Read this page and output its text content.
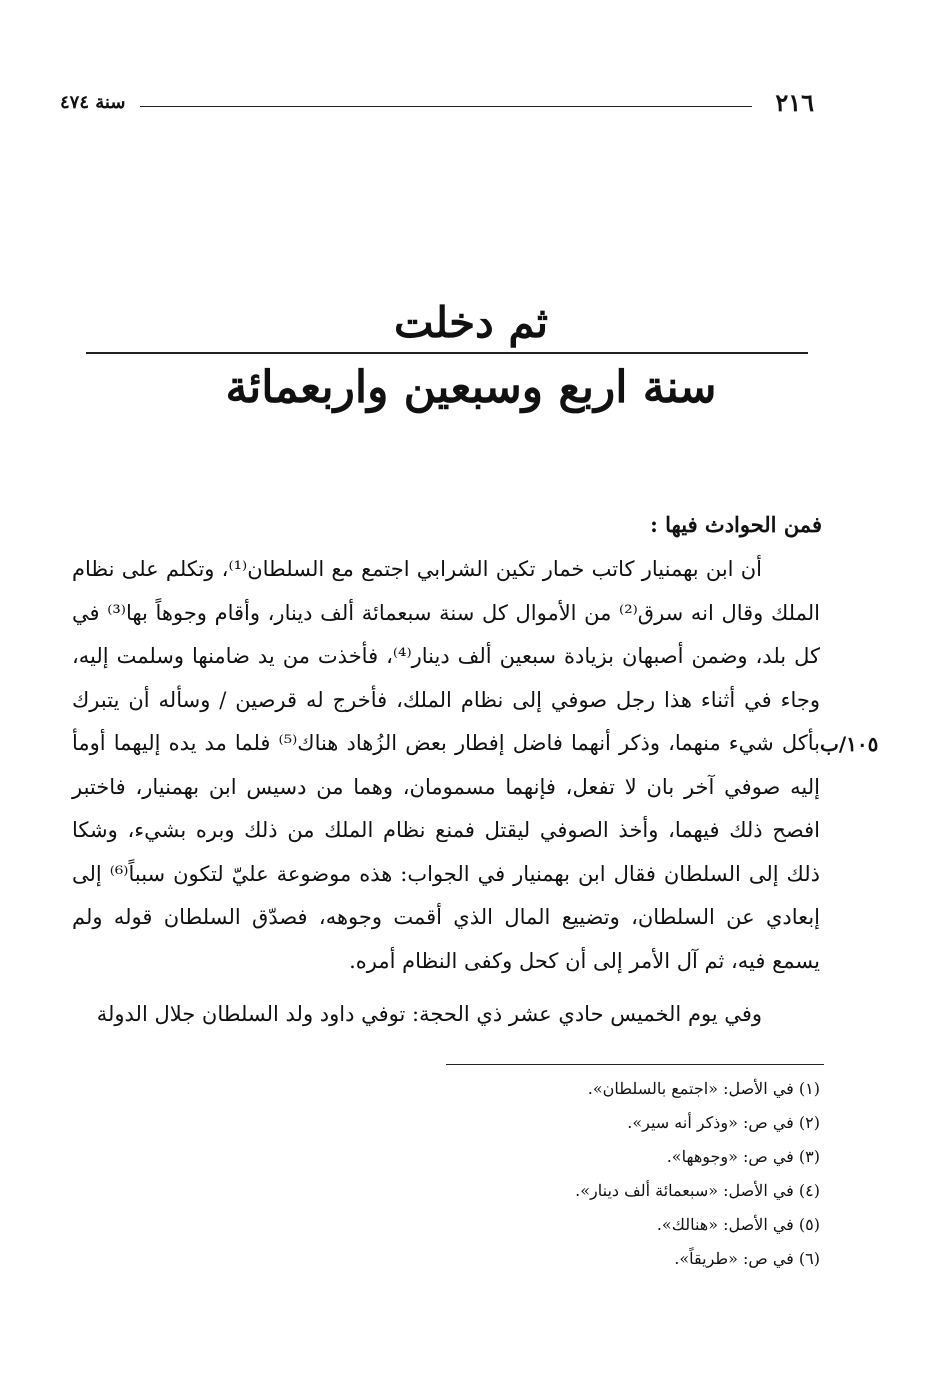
٢١٦
سنة ٤٧٤
ثم دخلت
سنة اربع وسبعين واربعمائة
فمن الحوادث فيها :

أن ابن بهمنيار كاتب خمار تكين الشرابي اجتمع مع السلطان⁽¹⁾، وتكلم على نظام الملك وقال انه سرق⁽²⁾ من الأموال كل سنة سبعمائة ألف دينار، وأقام وجوهاً بها⁽³⁾ في كل بلد، وضمن أصبهان بزيادة سبعين ألف دينار⁽⁴⁾، فأخذت من يد ضامنها وسلمت إليه، وجاء في أثناء هذا رجل صوفي إلى نظام الملك، فأخرج له قرصين / وسأله أن يتبرك بأكل شيء منهما، وذكر أنهما فاضل إفطار بعض الزُهاد هناك⁽⁵⁾ فلما مد يده إليهما أومأ إليه صوفي آخر بان لا تفعل، فإنهما مسمومان، وهما من دسيس ابن بهمنيار، فاختبر افصح ذلك فيهما، وأخذ الصوفي ليقتل فمنع نظام الملك من ذلك وبره بشيء، وشكا ذلك إلى السلطان فقال ابن بهمنيار في الجواب: هذه موضوعة عليّ لتكون سبباً⁽⁶⁾ إلى إبعادي عن السلطان، وتضييع المال الذي أقمت وجوهه، فصدّق السلطان قوله ولم يسمع فيه، ثم آل الأمر إلى أن كحل وكفى النظام أمره.

وفي يوم الخميس حادي عشر ذي الحجة: توفي داود ولد السلطان جلال الدولة

١٠٥/ب
(١) في الأصل: «اجتمع بالسلطان».
(٢) في ص: «وذكر أنه سير».
(٣) في ص: «وجوهها».
(٤) في الأصل: «سبعمائة ألف دينار».
(٥) في الأصل: «هنالك».
(٦) في ص: «طريقاً».
